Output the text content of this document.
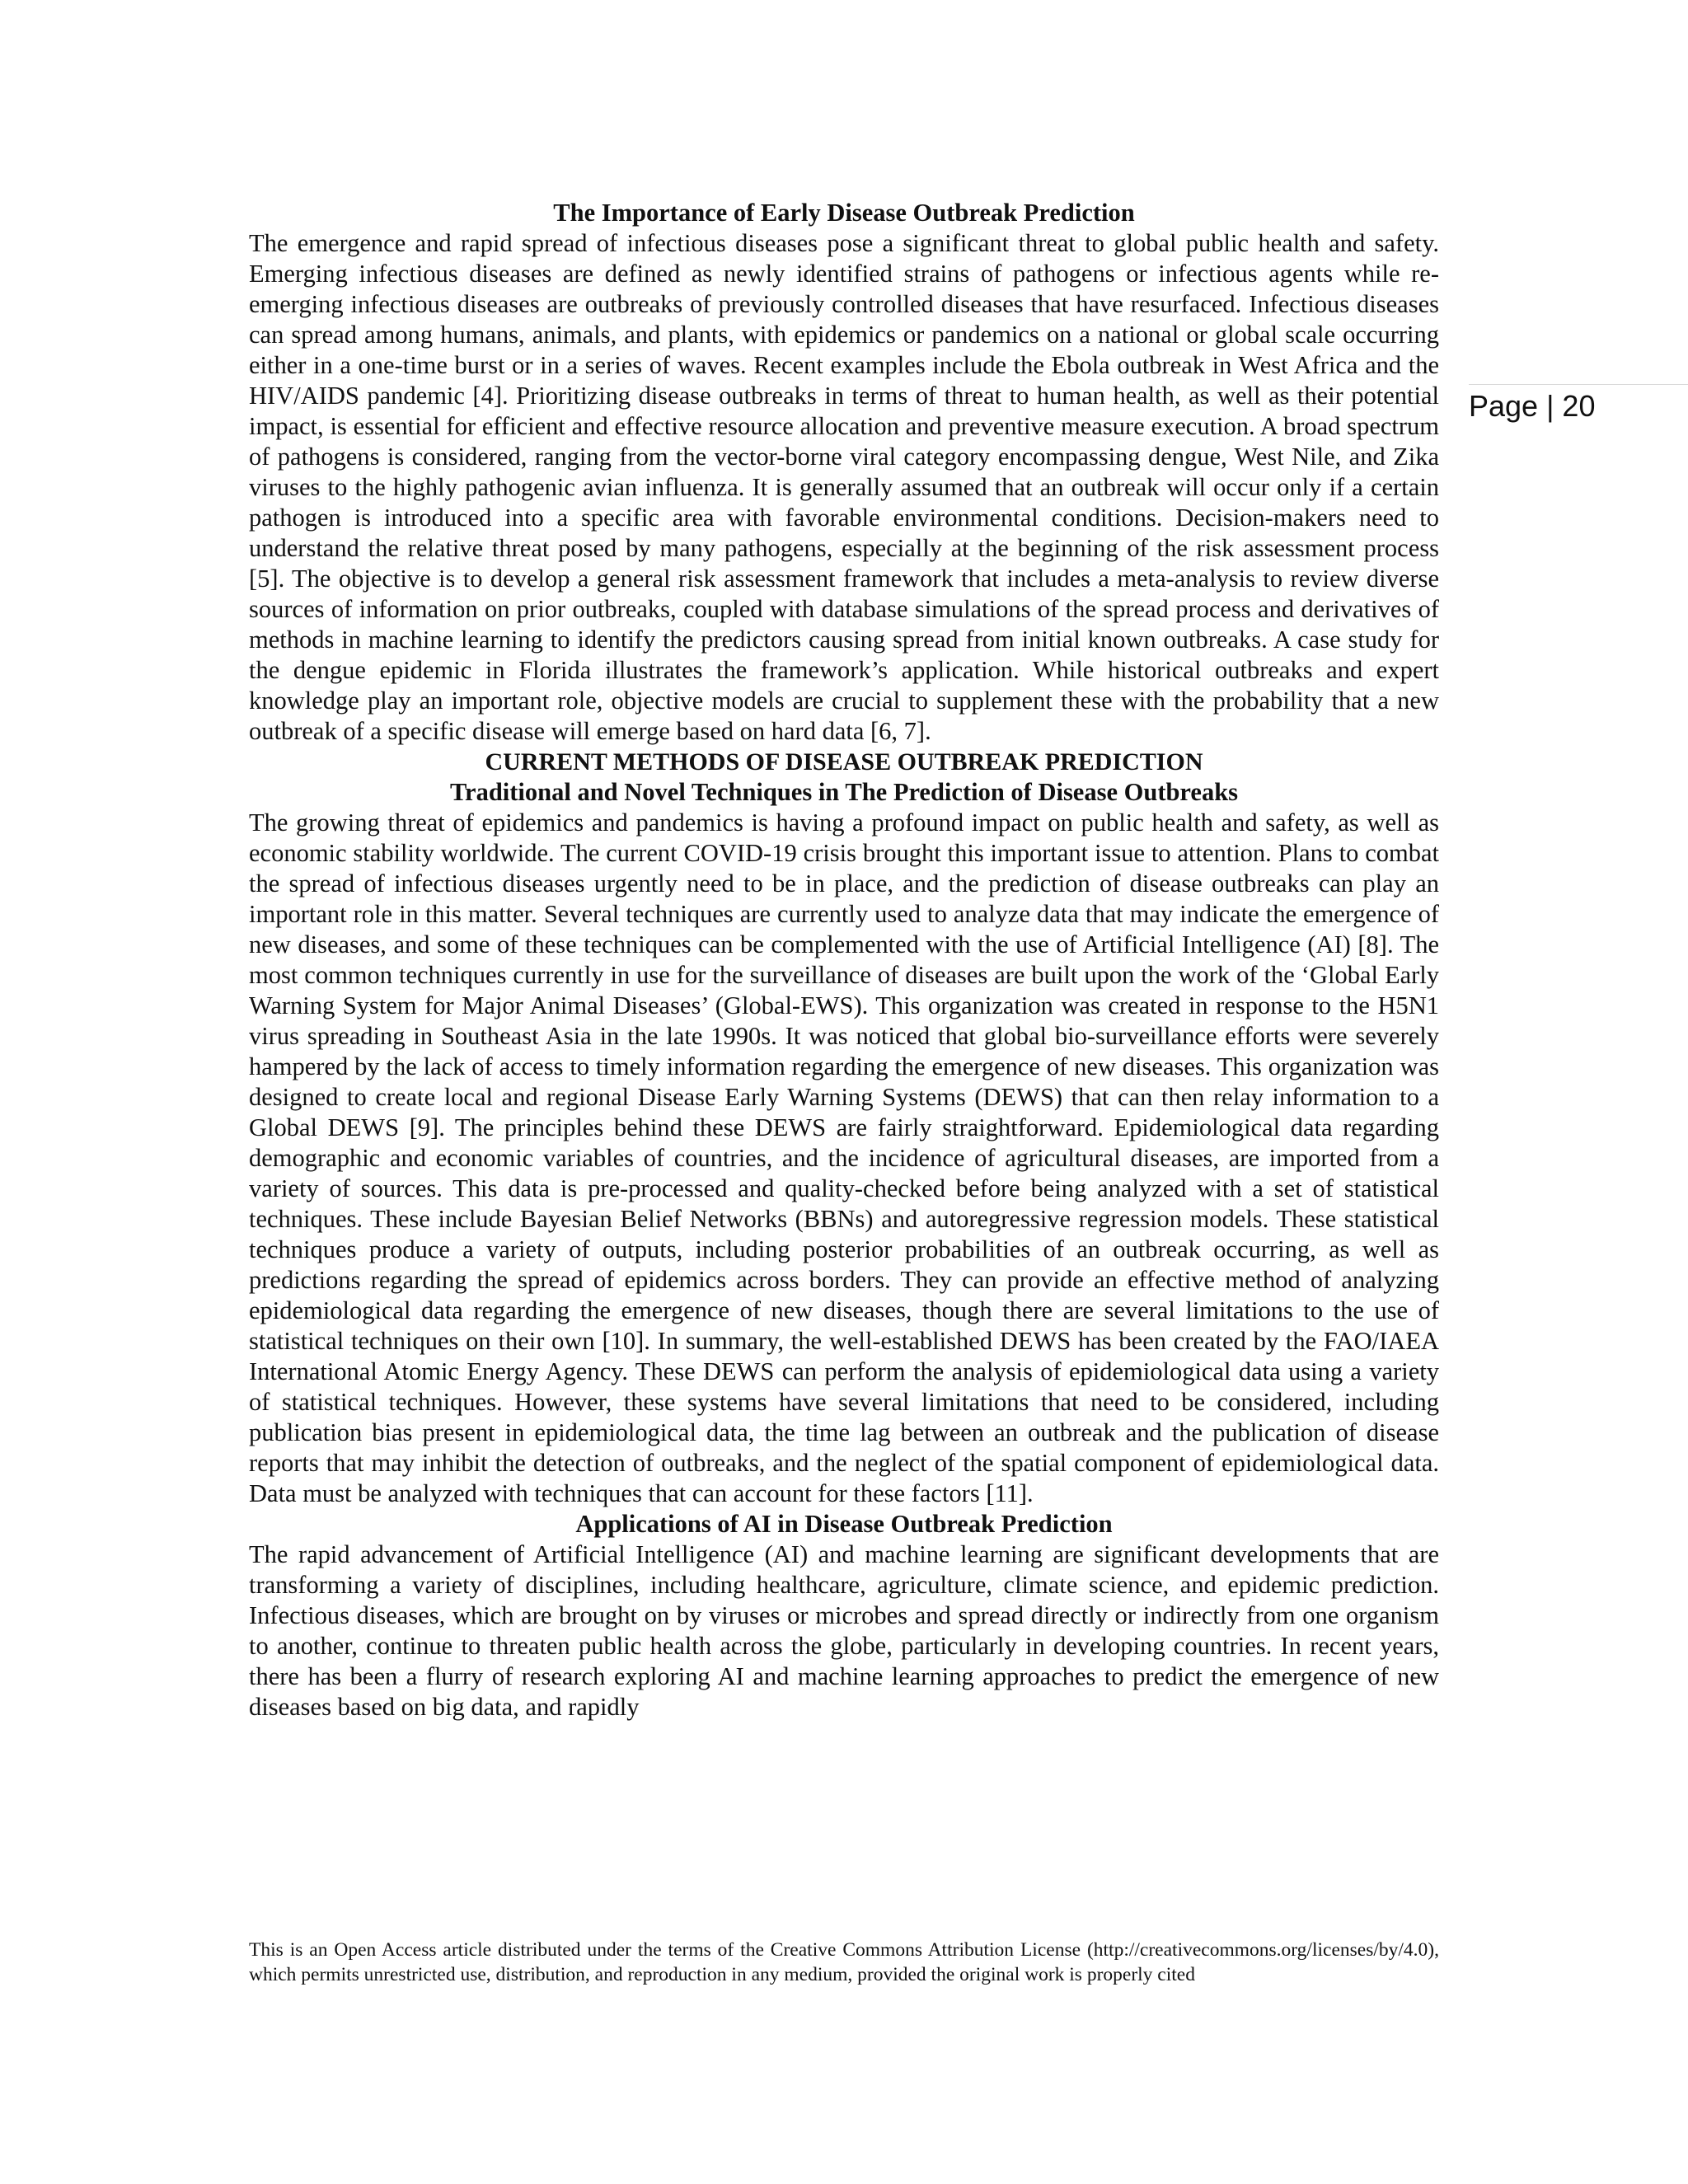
Page | 20
The Importance of Early Disease Outbreak Prediction

The emergence and rapid spread of infectious diseases pose a significant threat to global public health and safety. Emerging infectious diseases are defined as newly identified strains of pathogens or infectious agents while re-emerging infectious diseases are outbreaks of previously controlled diseases that have resurfaced. Infectious diseases can spread among humans, animals, and plants, with epidemics or pandemics on a national or global scale occurring either in a one-time burst or in a series of waves. Recent examples include the Ebola outbreak in West Africa and the HIV/AIDS pandemic [4]. Prioritizing disease outbreaks in terms of threat to human health, as well as their potential impact, is essential for efficient and effective resource allocation and preventive measure execution. A broad spectrum of pathogens is considered, ranging from the vector-borne viral category encompassing dengue, West Nile, and Zika viruses to the highly pathogenic avian influenza. It is generally assumed that an outbreak will occur only if a certain pathogen is introduced into a specific area with favorable environmental conditions. Decision-makers need to understand the relative threat posed by many pathogens, especially at the beginning of the risk assessment process [5]. The objective is to develop a general risk assessment framework that includes a meta-analysis to review diverse sources of information on prior outbreaks, coupled with database simulations of the spread process and derivatives of methods in machine learning to identify the predictors causing spread from initial known outbreaks. A case study for the dengue epidemic in Florida illustrates the framework’s application. While historical outbreaks and expert knowledge play an important role, objective models are crucial to supplement these with the probability that a new outbreak of a specific disease will emerge based on hard data [6, 7].

CURRENT METHODS OF DISEASE OUTBREAK PREDICTION
Traditional and Novel Techniques in The Prediction of Disease Outbreaks

The growing threat of epidemics and pandemics is having a profound impact on public health and safety, as well as economic stability worldwide. The current COVID-19 crisis brought this important issue to attention. Plans to combat the spread of infectious diseases urgently need to be in place, and the prediction of disease outbreaks can play an important role in this matter. Several techniques are currently used to analyze data that may indicate the emergence of new diseases, and some of these techniques can be complemented with the use of Artificial Intelligence (AI) [8]. The most common techniques currently in use for the surveillance of diseases are built upon the work of the ‘Global Early Warning System for Major Animal Diseases’ (Global-EWS). This organization was created in response to the H5N1 virus spreading in Southeast Asia in the late 1990s. It was noticed that global bio-surveillance efforts were severely hampered by the lack of access to timely information regarding the emergence of new diseases. This organization was designed to create local and regional Disease Early Warning Systems (DEWS) that can then relay information to a Global DEWS [9]. The principles behind these DEWS are fairly straightforward. Epidemiological data regarding demographic and economic variables of countries, and the incidence of agricultural diseases, are imported from a variety of sources. This data is pre-processed and quality-checked before being analyzed with a set of statistical techniques. These include Bayesian Belief Networks (BBNs) and autoregressive regression models. These statistical techniques produce a variety of outputs, including posterior probabilities of an outbreak occurring, as well as predictions regarding the spread of epidemics across borders. They can provide an effective method of analyzing epidemiological data regarding the emergence of new diseases, though there are several limitations to the use of statistical techniques on their own [10]. In summary, the well-established DEWS has been created by the FAO/IAEA International Atomic Energy Agency. These DEWS can perform the analysis of epidemiological data using a variety of statistical techniques. However, these systems have several limitations that need to be considered, including publication bias present in epidemiological data, the time lag between an outbreak and the publication of disease reports that may inhibit the detection of outbreaks, and the neglect of the spatial component of epidemiological data. Data must be analyzed with techniques that can account for these factors [11].

Applications of AI in Disease Outbreak Prediction

The rapid advancement of Artificial Intelligence (AI) and machine learning are significant developments that are transforming a variety of disciplines, including healthcare, agriculture, climate science, and epidemic prediction. Infectious diseases, which are brought on by viruses or microbes and spread directly or indirectly from one organism to another, continue to threaten public health across the globe, particularly in developing countries. In recent years, there has been a flurry of research exploring AI and machine learning approaches to predict the emergence of new diseases based on big data, and rapidly

This is an Open Access article distributed under the terms of the Creative Commons Attribution License (http://creativecommons.org/licenses/by/4.0), which permits unrestricted use, distribution, and reproduction in any medium, provided the original work is properly cited
